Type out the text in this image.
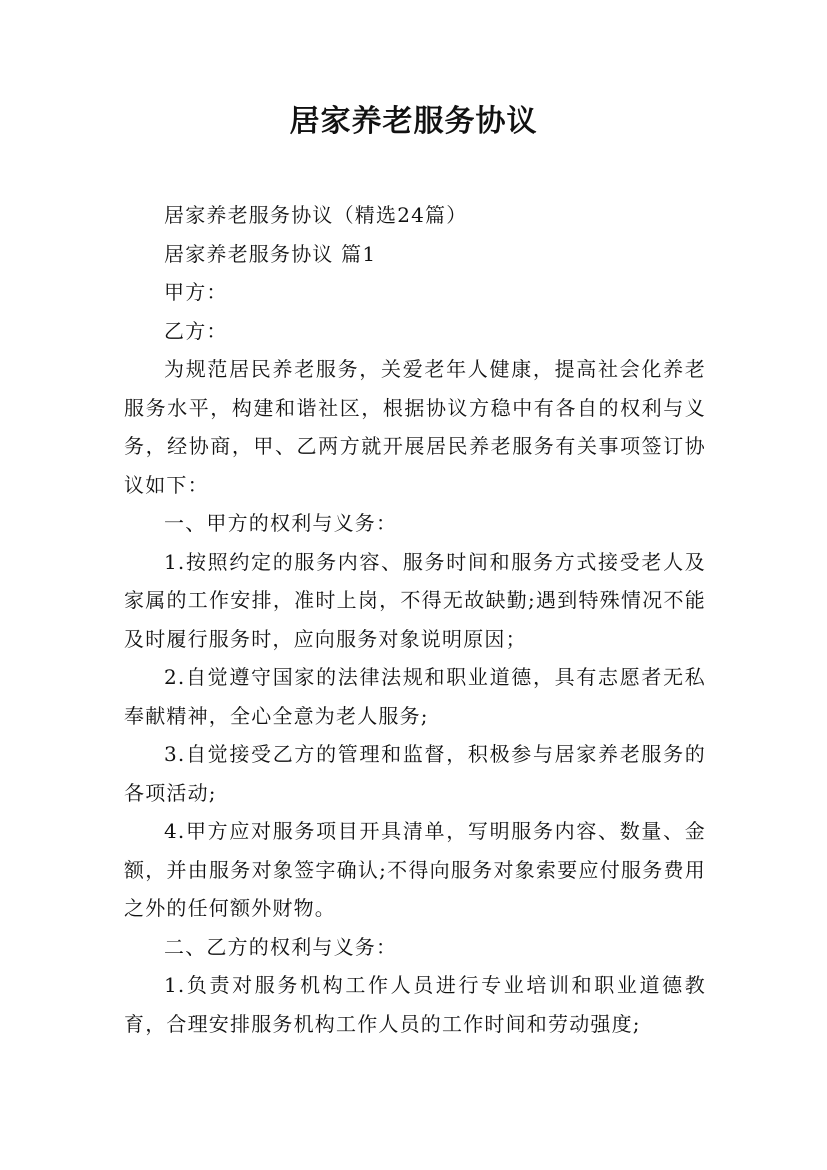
居家养老服务协议

居家养老服务协议（精选24篇）

居家养老服务协议 篇1

甲方：

乙方：

为规范居民养老服务，关爱老年人健康，提高社会化养老服务水平，构建和谐社区，根据协议方稳中有各自的权利与义务，经协商，甲、乙两方就开展居民养老服务有关事项签订协议如下：

一、甲方的权利与义务：

1.按照约定的服务内容、服务时间和服务方式接受老人及家属的工作安排，准时上岗，不得无故缺勤;遇到特殊情况不能及时履行服务时，应向服务对象说明原因；

2.自觉遵守国家的法律法规和职业道德，具有志愿者无私奉献精神，全心全意为老人服务;

3.自觉接受乙方的管理和监督，积极参与居家养老服务的各项活动;

4.甲方应对服务项目开具清单，写明服务内容、数量、金额，并由服务对象签字确认;不得向服务对象索要应付服务费用之外的任何额外财物。

二、乙方的权利与义务：

1.负责对服务机构工作人员进行专业培训和职业道德教育，合理安排服务机构工作人员的工作时间和劳动强度;
